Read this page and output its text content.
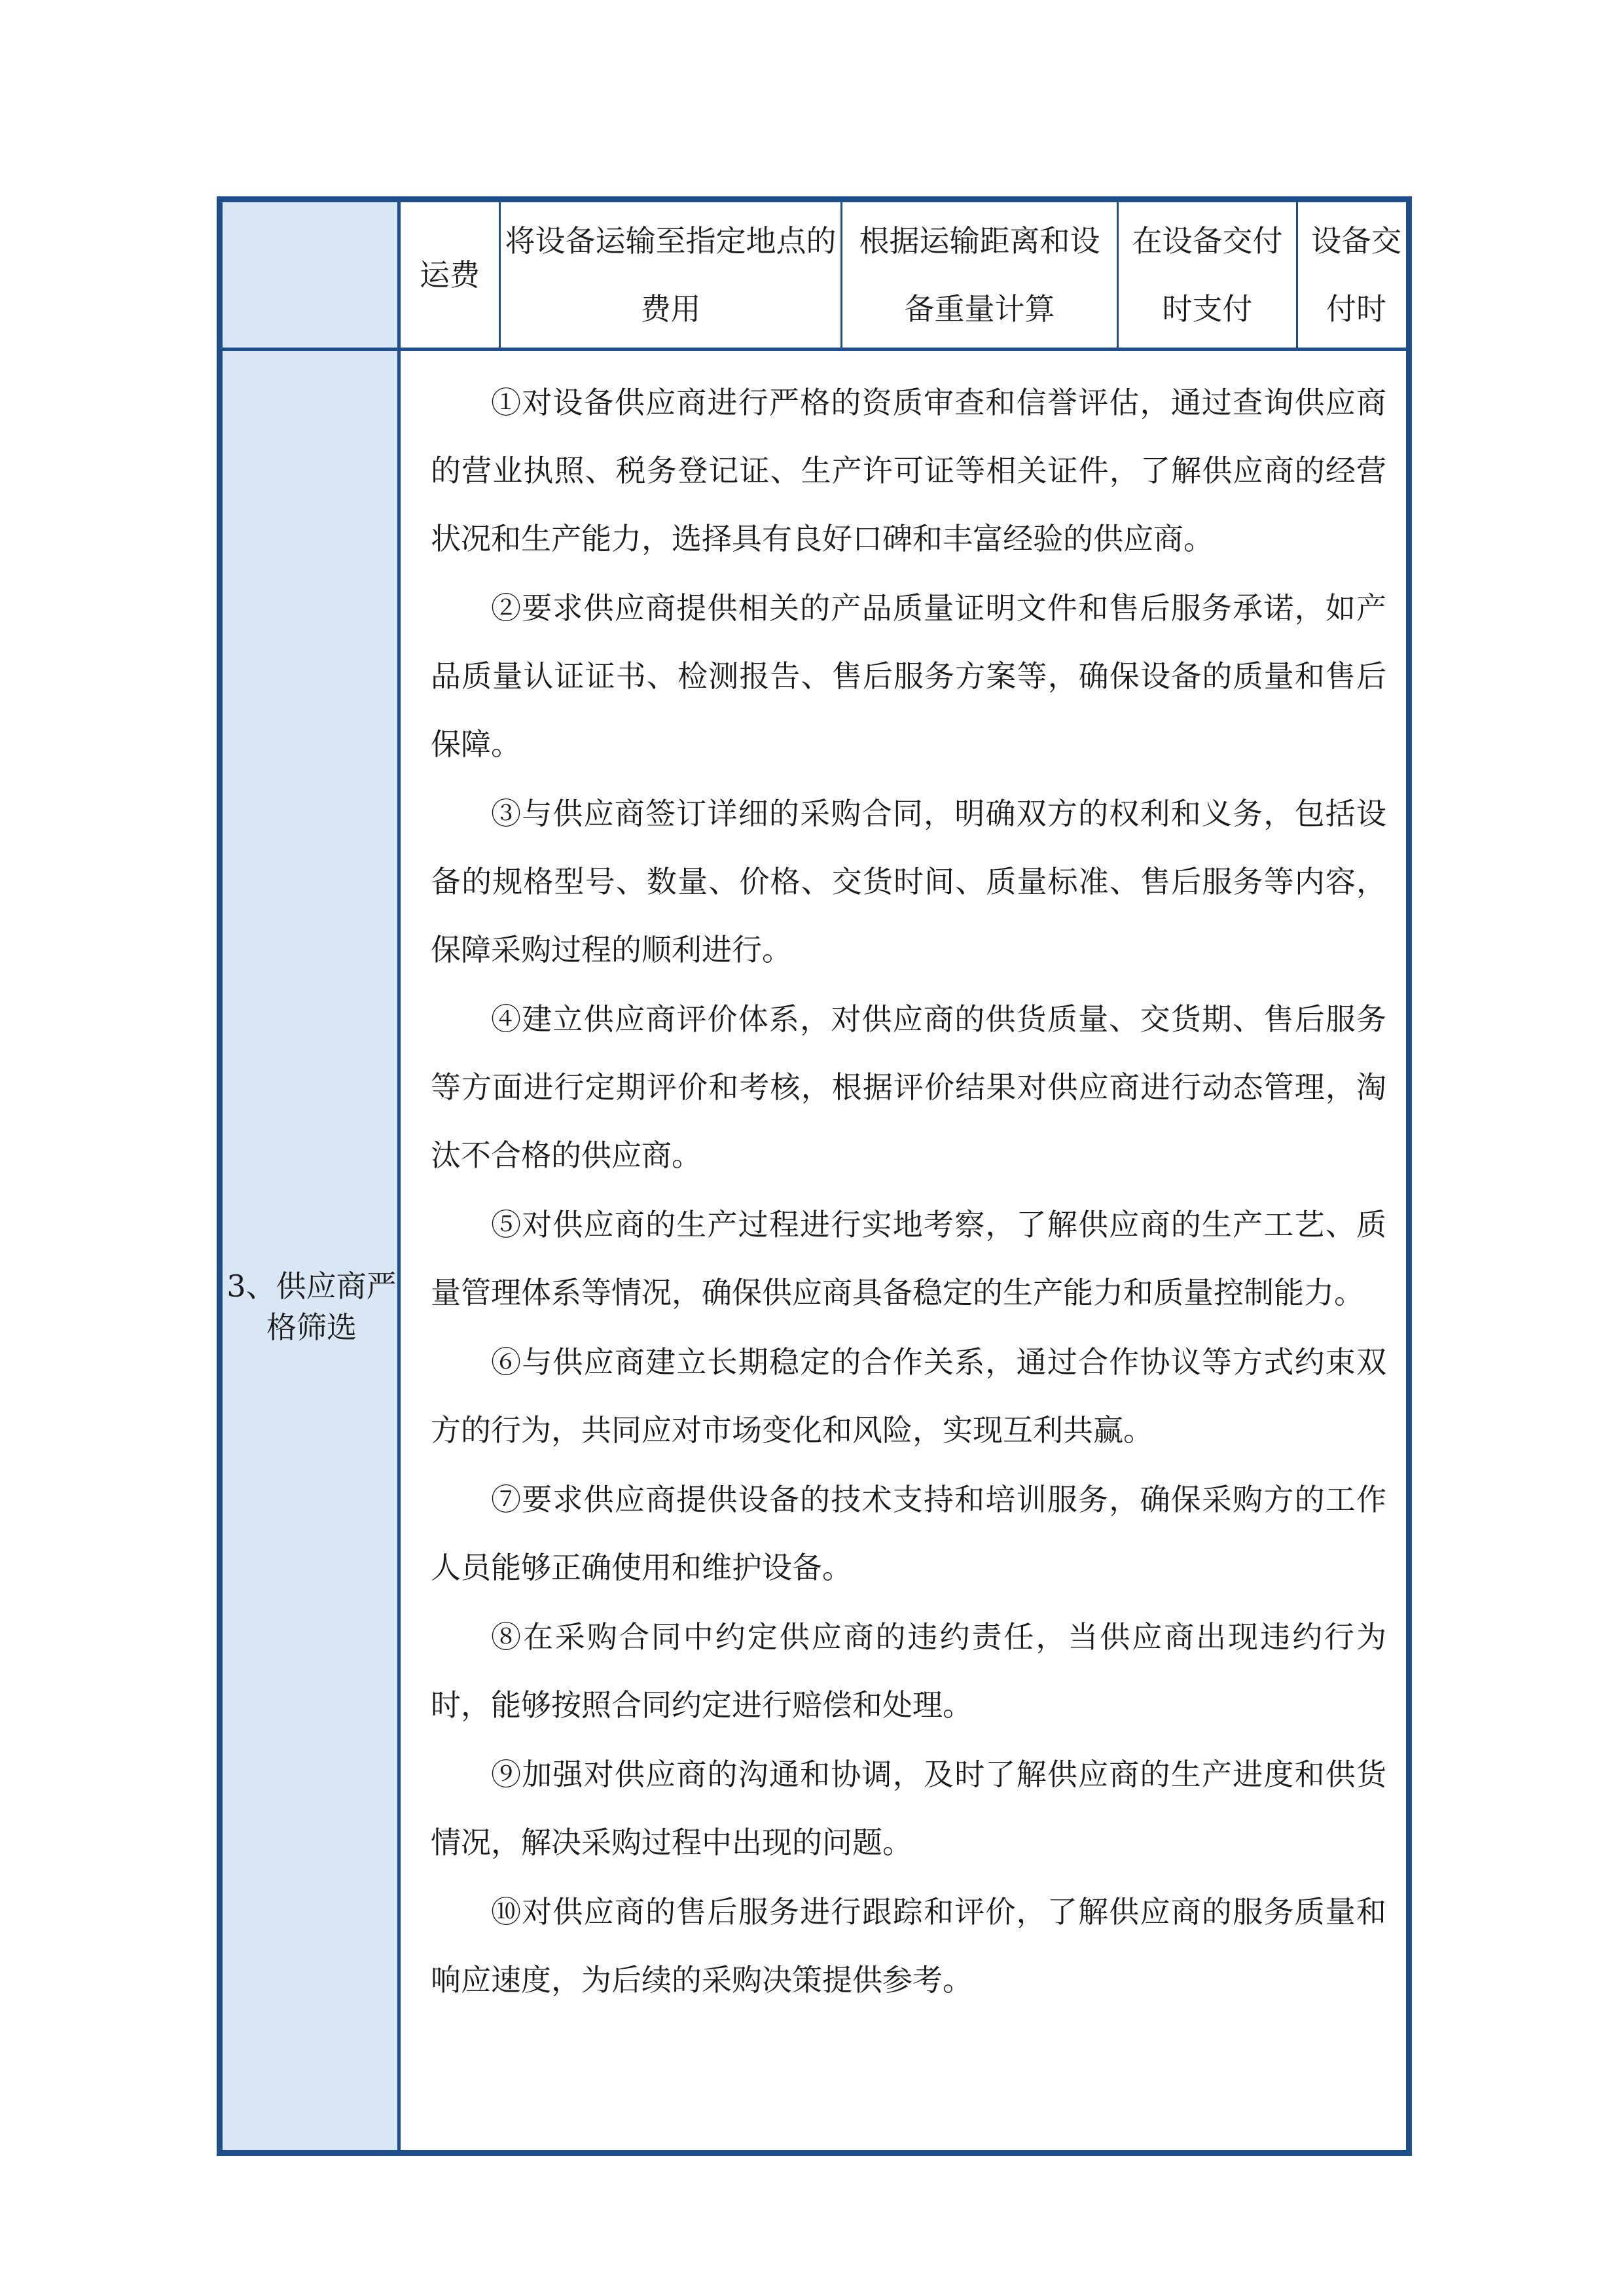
3、供应商严格筛选
运费
将设备运输至指定地点的费用
根据运输距离和设备重量计算
在设备交付时支付
设备交付时

①对设备供应商进行严格的资质审查和信誉评估，通过查询供应商的营业执照、税务登记证、生产许可证等相关证件，了解供应商的经营状况和生产能力，选择具有良好口碑和丰富经验的供应商。

②要求供应商提供相关的产品质量证明文件和售后服务承诺，如产品质量认证证书、检测报告、售后服务方案等，确保设备的质量和售后保障。

③与供应商签订详细的采购合同，明确双方的权利和义务，包括设备的规格型号、数量、价格、交货时间、质量标准、售后服务等内容，保障采购过程的顺利进行。

④建立供应商评价体系，对供应商的供货质量、交货期、售后服务等方面进行定期评价和考核，根据评价结果对供应商进行动态管理，淘汰不合格的供应商。

⑤对供应商的生产过程进行实地考察，了解供应商的生产工艺、质量管理体系等情况，确保供应商具备稳定的生产能力和质量控制能力。

⑥与供应商建立长期稳定的合作关系，通过合作协议等方式约束双方的行为，共同应对市场变化和风险，实现互利共赢。

⑦要求供应商提供设备的技术支持和培训服务，确保采购方的工作人员能够正确使用和维护设备。

⑧在采购合同中约定供应商的违约责任，当供应商出现违约行为时，能够按照合同约定进行赔偿和处理。

⑨加强对供应商的沟通和协调，及时了解供应商的生产进度和供货情况，解决采购过程中出现的问题。

⑩对供应商的售后服务进行跟踪和评价，了解供应商的服务质量和响应速度，为后续的采购决策提供参考。
